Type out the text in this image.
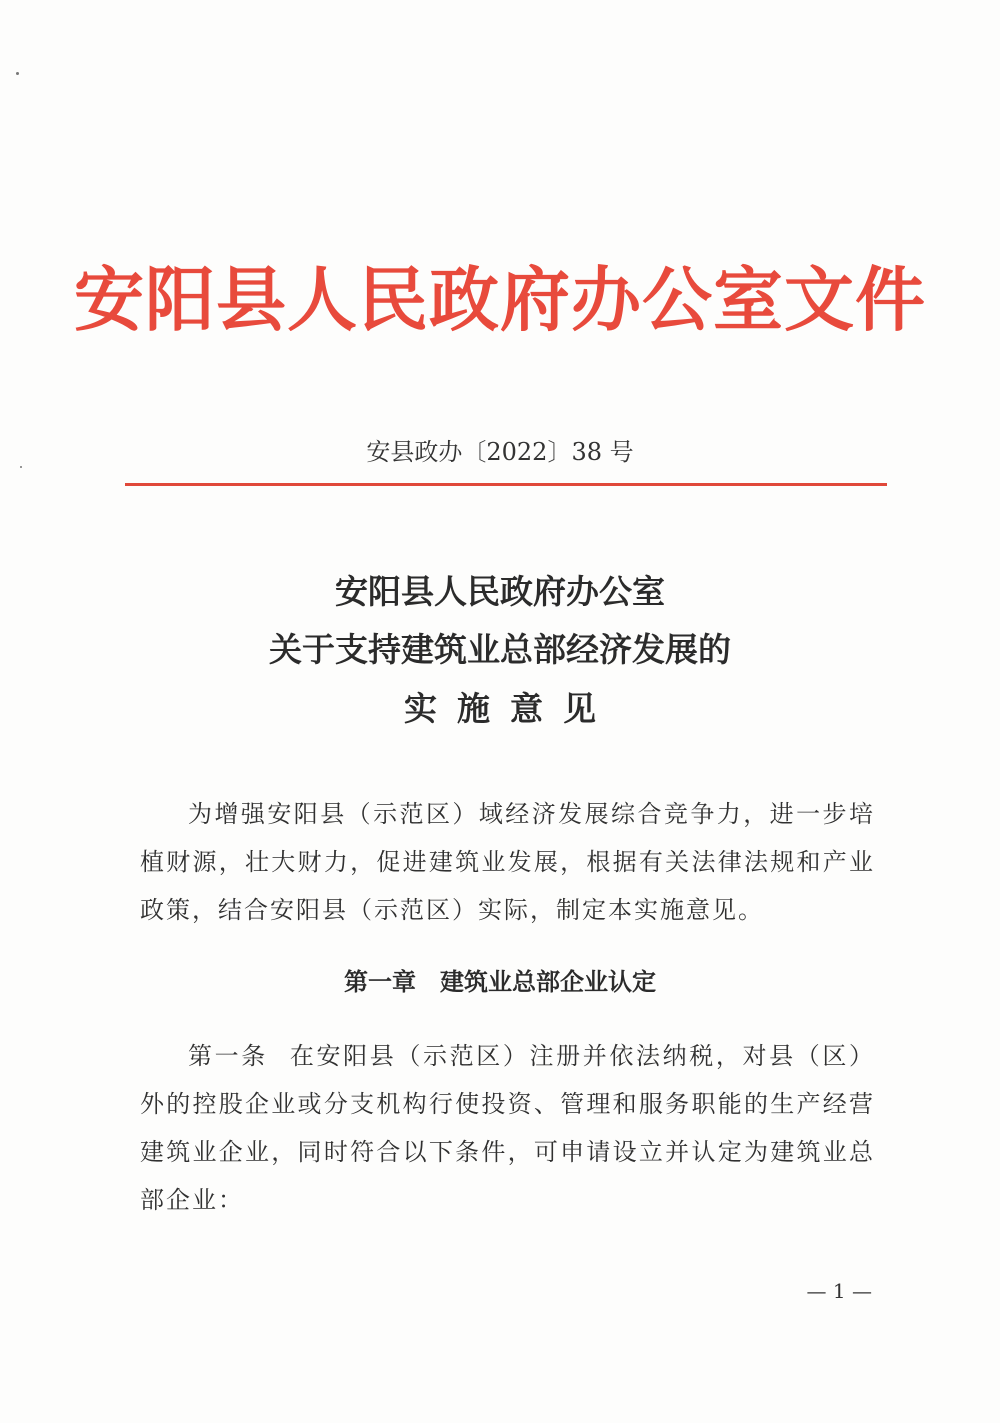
安阳县人民政府办公室文件
安县政办〔2022〕38 号
安阳县人民政府办公室
关于支持建筑业总部经济发展的
实施意见
为增强安阳县（示范区）域经济发展综合竞争力，进一步培植财源，壮大财力，促进建筑业发展，根据有关法律法规和产业政策，结合安阳县（示范区）实际，制定本实施意见。
第一章　建筑业总部企业认定
第一条 在安阳县（示范区）注册并依法纳税，对县（区）外的控股企业或分支机构行使投资、管理和服务职能的生产经营建筑业企业，同时符合以下条件，可申请设立并认定为建筑业总部企业：
— 1 —
